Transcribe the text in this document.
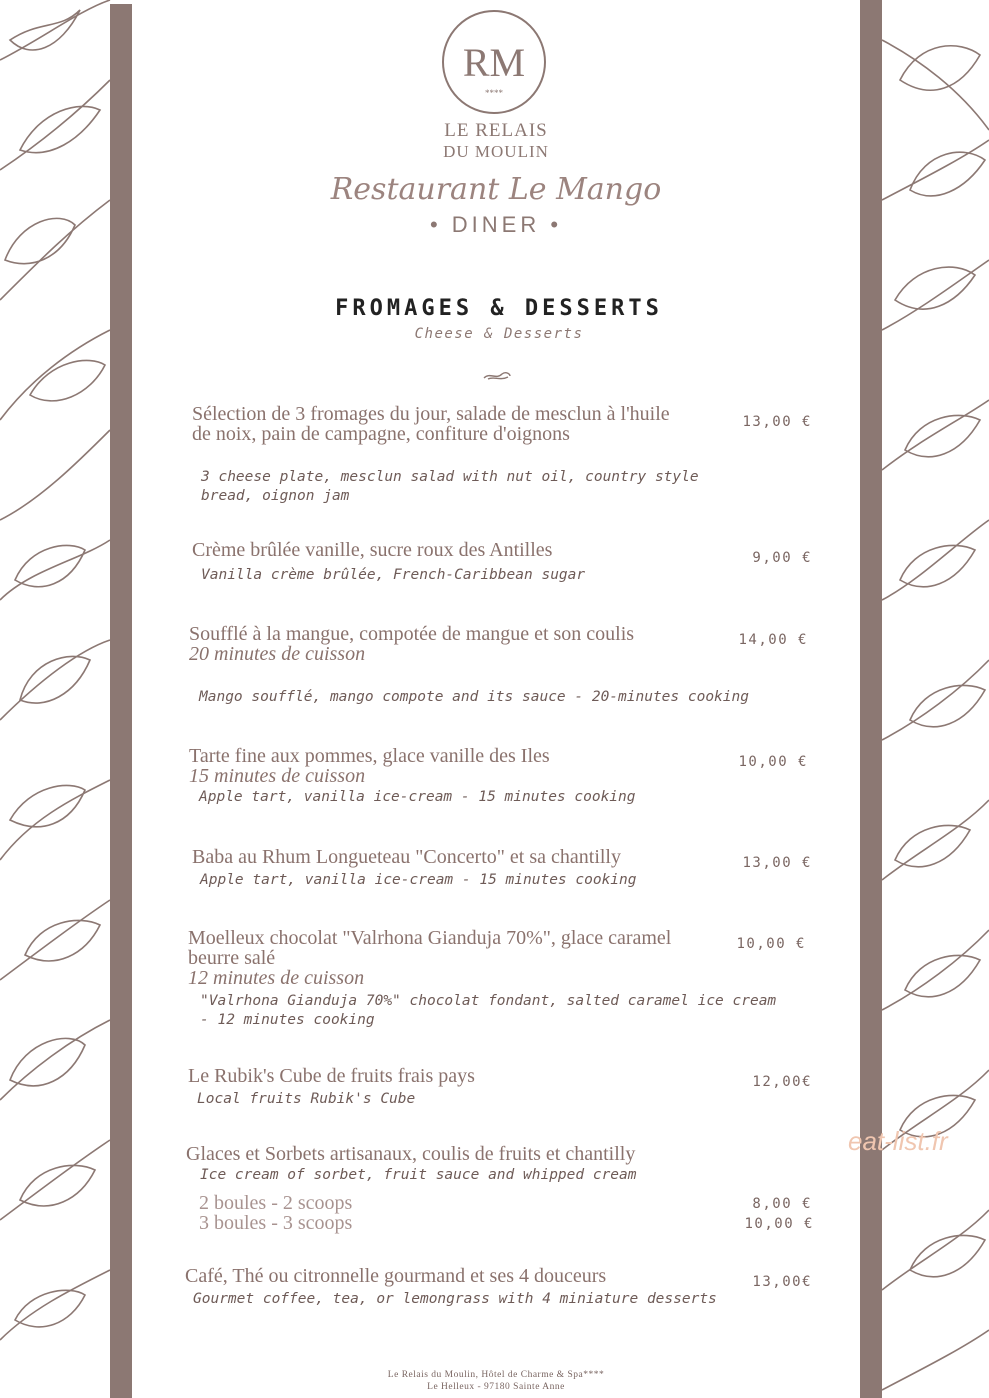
RM
****
LE RELAIS
DU MOULIN
Restaurant Le Mango
• DINER •
FROMAGES & DESSERTS
Cheese & Desserts
Sélection de 3 fromages du jour, salade de mesclun à l'huile de noix, pain de campagne, confiture d'oignons
3 cheese plate, mesclun salad with nut oil, country style bread, oignon jam
13,00 €
Crème brûlée vanille, sucre roux des Antilles
Vanilla crème brûlée, French-Caribbean sugar
9,00 €
Soufflé à la mangue, compotée de mangue et son coulis
20 minutes de cuisson
Mango soufflé, mango compote and its sauce - 20-minutes cooking
14,00 €
Tarte fine aux pommes, glace vanille des Iles
15 minutes de cuisson
Apple tart, vanilla ice-cream - 15 minutes cooking
10,00 €
Baba au Rhum Longueteau "Concerto" et sa chantilly
Apple tart, vanilla ice-cream - 15 minutes cooking
13,00 €
Moelleux chocolat "Valrhona Gianduja 70%", glace caramel beurre salé
12 minutes de cuisson
"Valrhona Gianduja 70%" chocolat fondant, salted caramel ice cream - 12 minutes cooking
10,00 €
Le Rubik's Cube de fruits frais pays
Local fruits Rubik's Cube
12,00€
Glaces et Sorbets artisanaux, coulis de fruits et chantilly
Ice cream of sorbet, fruit sauce and whipped cream
2 boules - 2 scoops	8,00 €
3 boules - 3 scoops	10,00 €
Café, Thé ou citronnelle gourmand et ses 4 douceurs
Gourmet coffee, tea, or lemongrass with 4 miniature desserts
13,00€
Le Relais du Moulin, Hôtel de Charme & Spa****
Le Helleux - 97180 Sainte Anne
eat-list.fr
